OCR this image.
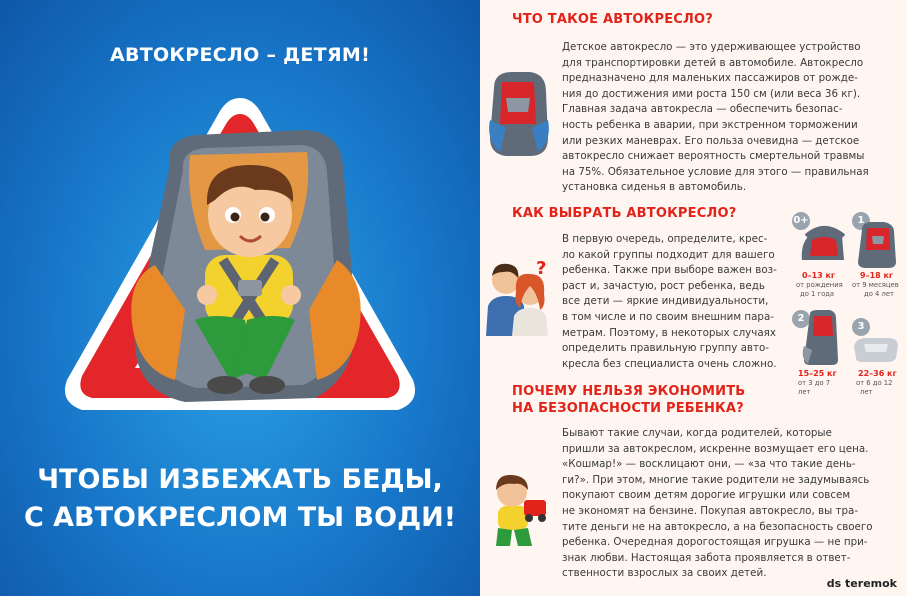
АВТОКРЕСЛО – ДЕТЯМ!
ЧТОБЫ ИЗБЕЖАТЬ БЕДЫ,
С АВТОКРЕСЛОМ ТЫ ВОДИ!
ЧТО ТАКОЕ АВТОКРЕСЛО?
Детское автокресло — это удерживающее устройство
для транспортировки детей в автомобиле. Автокресло
предназначено для маленьких пассажиров от рожде-
ния до достижения ими роста 150 см (или веса 36 кг).
Главная задача автокресла — обеспечить безопас-
ность ребенка в аварии, при экстренном торможении
или резких маневрах. Его польза очевидна — детское
автокресло снижает вероятность смертельной травмы
на 75%. Обязательное условие для этого — правильная
установка сиденья в автомобиль.
КАК ВЫБРАТЬ АВТОКРЕСЛО?
?
В первую очередь, определите, крес-
ло какой группы подходит для вашего
ребенка. Также при выборе важен воз-
раст и, зачастую, рост ребенка, ведь
все дети — яркие индивидуальности,
в том числе и по своим внешним пара-
метрам. Поэтому, в некоторых случаях
определить правильную группу авто-
кресла без специалиста очень сложно.
0+
0–13 кг
от рождения
до 1 года
1
9–18 кг
от 9 месяцев
до 4 лет
2
15–25 кг
от 3 до 7
лет
3
22–36 кг
от 6 до 12
лет
ПОЧЕМУ НЕЛЬЗЯ ЭКОНОМИТЬ
НА БЕЗОПАСНОСТИ РЕБЕНКА?
Бывают такие случаи, когда родителей, которые
пришли за автокреслом, искренне возмущает его цена.
«Кошмар!» — восклицают они, — «за что такие день-
ги?». При этом, многие такие родители не задумываясь
покупают своим детям дорогие игрушки или совсем
не экономят на бензине. Покупая автокресло, вы тра-
тите деньги не на автокресло, а на безопасность своего
ребенка. Очередная дорогостоящая игрушка — не при-
знак любви. Настоящая забота проявляется в ответ-
ственности взрослых за своих детей.
ds teremok
